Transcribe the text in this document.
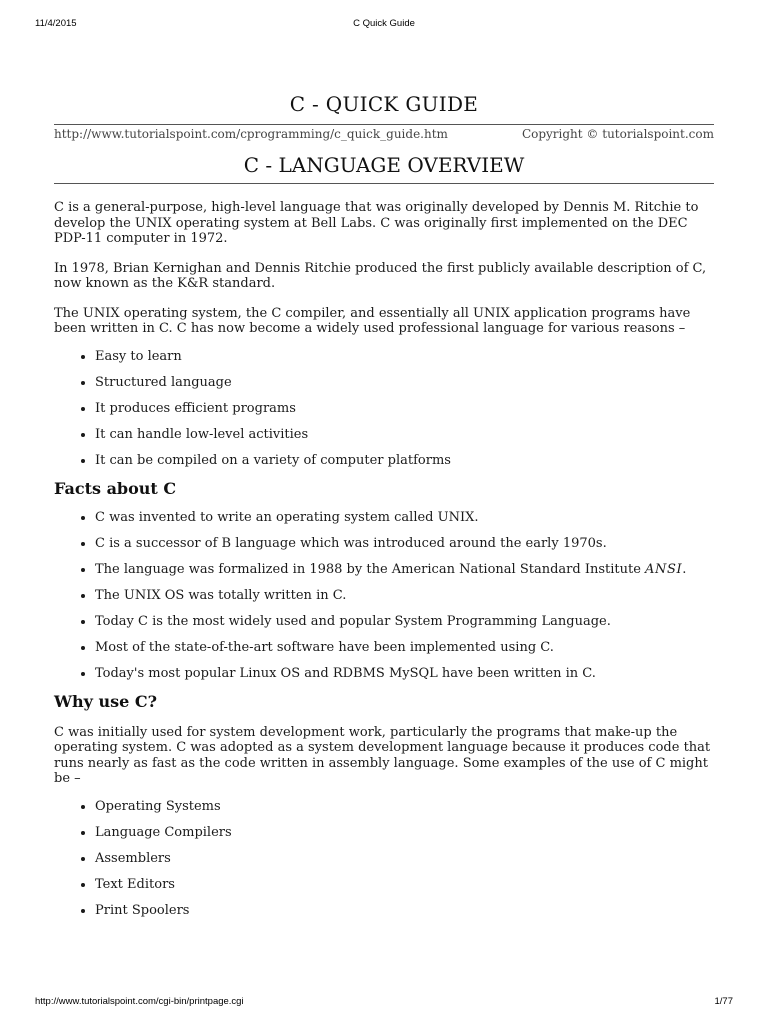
11/4/2015	C Quick Guide
C - QUICK GUIDE
http://www.tutorialspoint.com/cprogramming/c_quick_guide.htm	Copyright © tutorialspoint.com
C - LANGUAGE OVERVIEW

C is a general-purpose, high-level language that was originally developed by Dennis M. Ritchie to develop the UNIX operating system at Bell Labs. C was originally first implemented on the DEC PDP-11 computer in 1972.

In 1978, Brian Kernighan and Dennis Ritchie produced the first publicly available description of C, now known as the K&R standard.

The UNIX operating system, the C compiler, and essentially all UNIX application programs have been written in C. C has now become a widely used professional language for various reasons –

• Easy to learn
• Structured language
• It produces efficient programs
• It can handle low-level activities
• It can be compiled on a variety of computer platforms
Facts about C
• C was invented to write an operating system called UNIX.
• C is a successor of B language which was introduced around the early 1970s.
• The language was formalized in 1988 by the American National Standard Institute ANSI.
• The UNIX OS was totally written in C.
• Today C is the most widely used and popular System Programming Language.
• Most of the state-of-the-art software have been implemented using C.
• Today's most popular Linux OS and RDBMS MySQL have been written in C.
Why use C?

C was initially used for system development work, particularly the programs that make-up the operating system. C was adopted as a system development language because it produces code that runs nearly as fast as the code written in assembly language. Some examples of the use of C might be –

• Operating Systems
• Language Compilers
• Assemblers
• Text Editors
• Print Spoolers
http://www.tutorialspoint.com/cgi-bin/printpage.cgi	1/77
